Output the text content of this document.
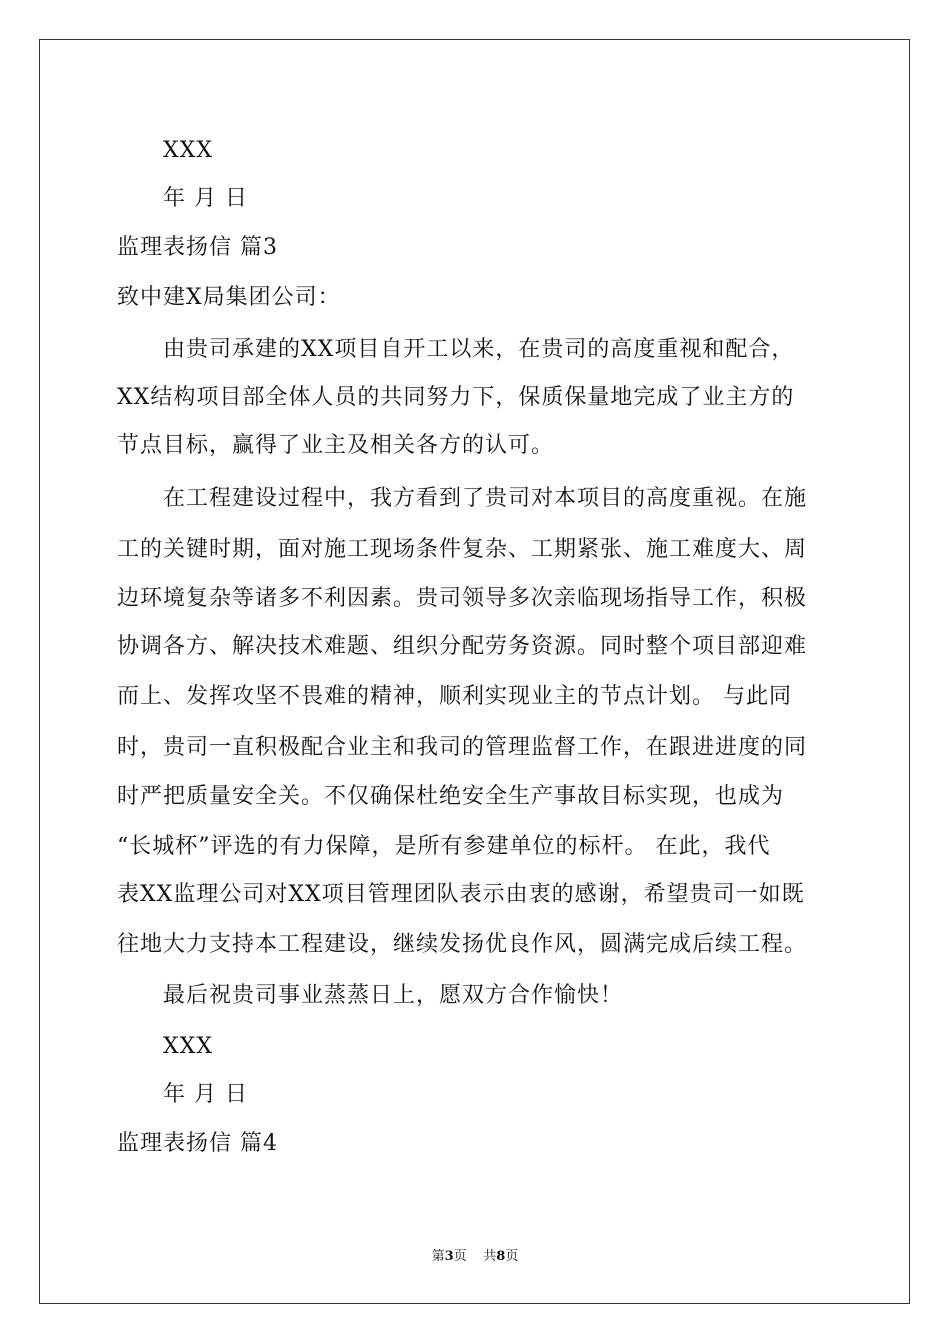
XXX
年 月 日
监理表扬信 篇3
致中建X局集团公司：
由贵司承建的XX项目自开工以来，在贵司的高度重视和配合，
XX结构项目部全体人员的共同努力下，保质保量地完成了业主方的
节点目标，赢得了业主及相关各方的认可。
在工程建设过程中，我方看到了贵司对本项目的高度重视。在施
工的关键时期，面对施工现场条件复杂、工期紧张、施工难度大、周
边环境复杂等诸多不利因素。贵司领导多次亲临现场指导工作，积极
协调各方、解决技术难题、组织分配劳务资源。同时整个项目部迎难
而上、发挥攻坚不畏难的精神，顺利实现业主的节点计划。 与此同
时，贵司一直积极配合业主和我司的管理监督工作，在跟进进度的同
时严把质量安全关。不仅确保杜绝安全生产事故目标实现，也成为
“长城杯”评选的有力保障，是所有参建单位的标杆。 在此，我代
表XX监理公司对XX项目管理团队表示由衷的感谢，希望贵司一如既
往地大力支持本工程建设，继续发扬优良作风，圆满完成后续工程。
最后祝贵司事业蒸蒸日上，愿双方合作愉快！
XXX
年 月 日
监理表扬信 篇4
第3页 共8页
